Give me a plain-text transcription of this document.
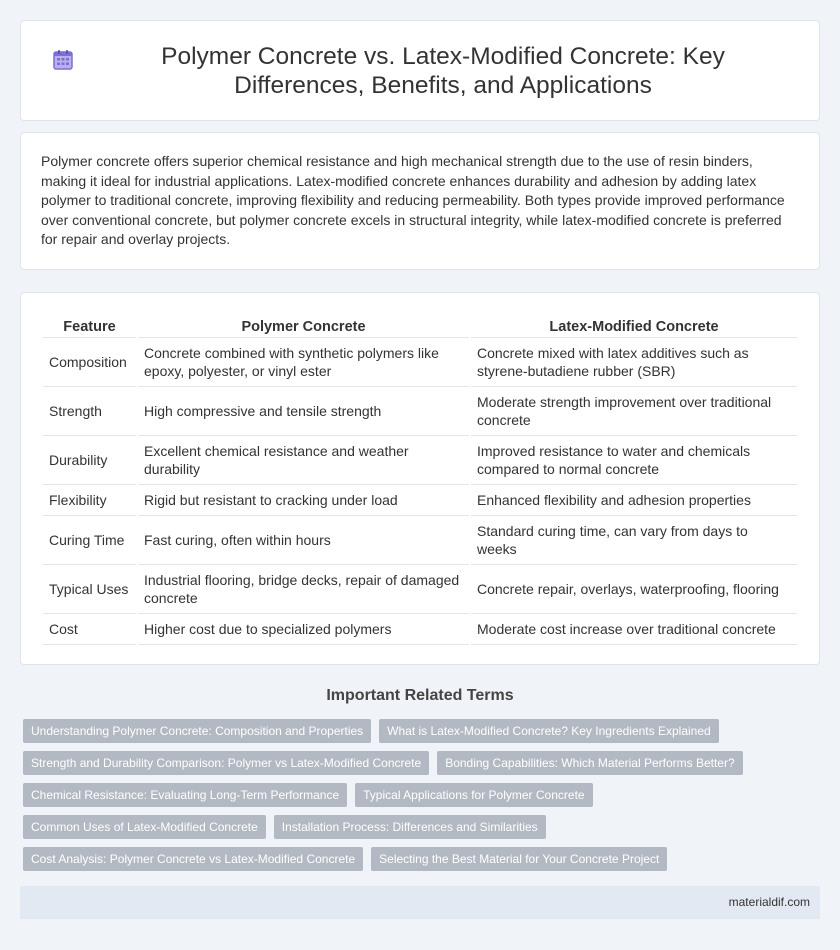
Polymer Concrete vs. Latex-Modified Concrete: Key Differences, Benefits, and Applications

Polymer concrete offers superior chemical resistance and high mechanical strength due to the use of resin binders, making it ideal for industrial applications. Latex-modified concrete enhances durability and adhesion by adding latex polymer to traditional concrete, improving flexibility and reducing permeability. Both types provide improved performance over conventional concrete, but polymer concrete excels in structural integrity, while latex-modified concrete is preferred for repair and overlay projects.

Feature	Polymer Concrete	Latex-Modified Concrete
Composition	Concrete combined with synthetic polymers like epoxy, polyester, or vinyl ester	Concrete mixed with latex additives such as styrene-butadiene rubber (SBR)
Strength	High compressive and tensile strength	Moderate strength improvement over traditional concrete
Durability	Excellent chemical resistance and weather durability	Improved resistance to water and chemicals compared to normal concrete
Flexibility	Rigid but resistant to cracking under load	Enhanced flexibility and adhesion properties
Curing Time	Fast curing, often within hours	Standard curing time, can vary from days to weeks
Typical Uses	Industrial flooring, bridge decks, repair of damaged concrete	Concrete repair, overlays, waterproofing, flooring
Cost	Higher cost due to specialized polymers	Moderate cost increase over traditional concrete
Important Related Terms
Understanding Polymer Concrete: Composition and Properties	What is Latex-Modified Concrete? Key Ingredients Explained
Strength and Durability Comparison: Polymer vs Latex-Modified Concrete	Bonding Capabilities: Which Material Performs Better?
Chemical Resistance: Evaluating Long-Term Performance	Typical Applications for Polymer Concrete
Common Uses of Latex-Modified Concrete	Installation Process: Differences and Similarities
Cost Analysis: Polymer Concrete vs Latex-Modified Concrete	Selecting the Best Material for Your Concrete Project
materialdif.com
